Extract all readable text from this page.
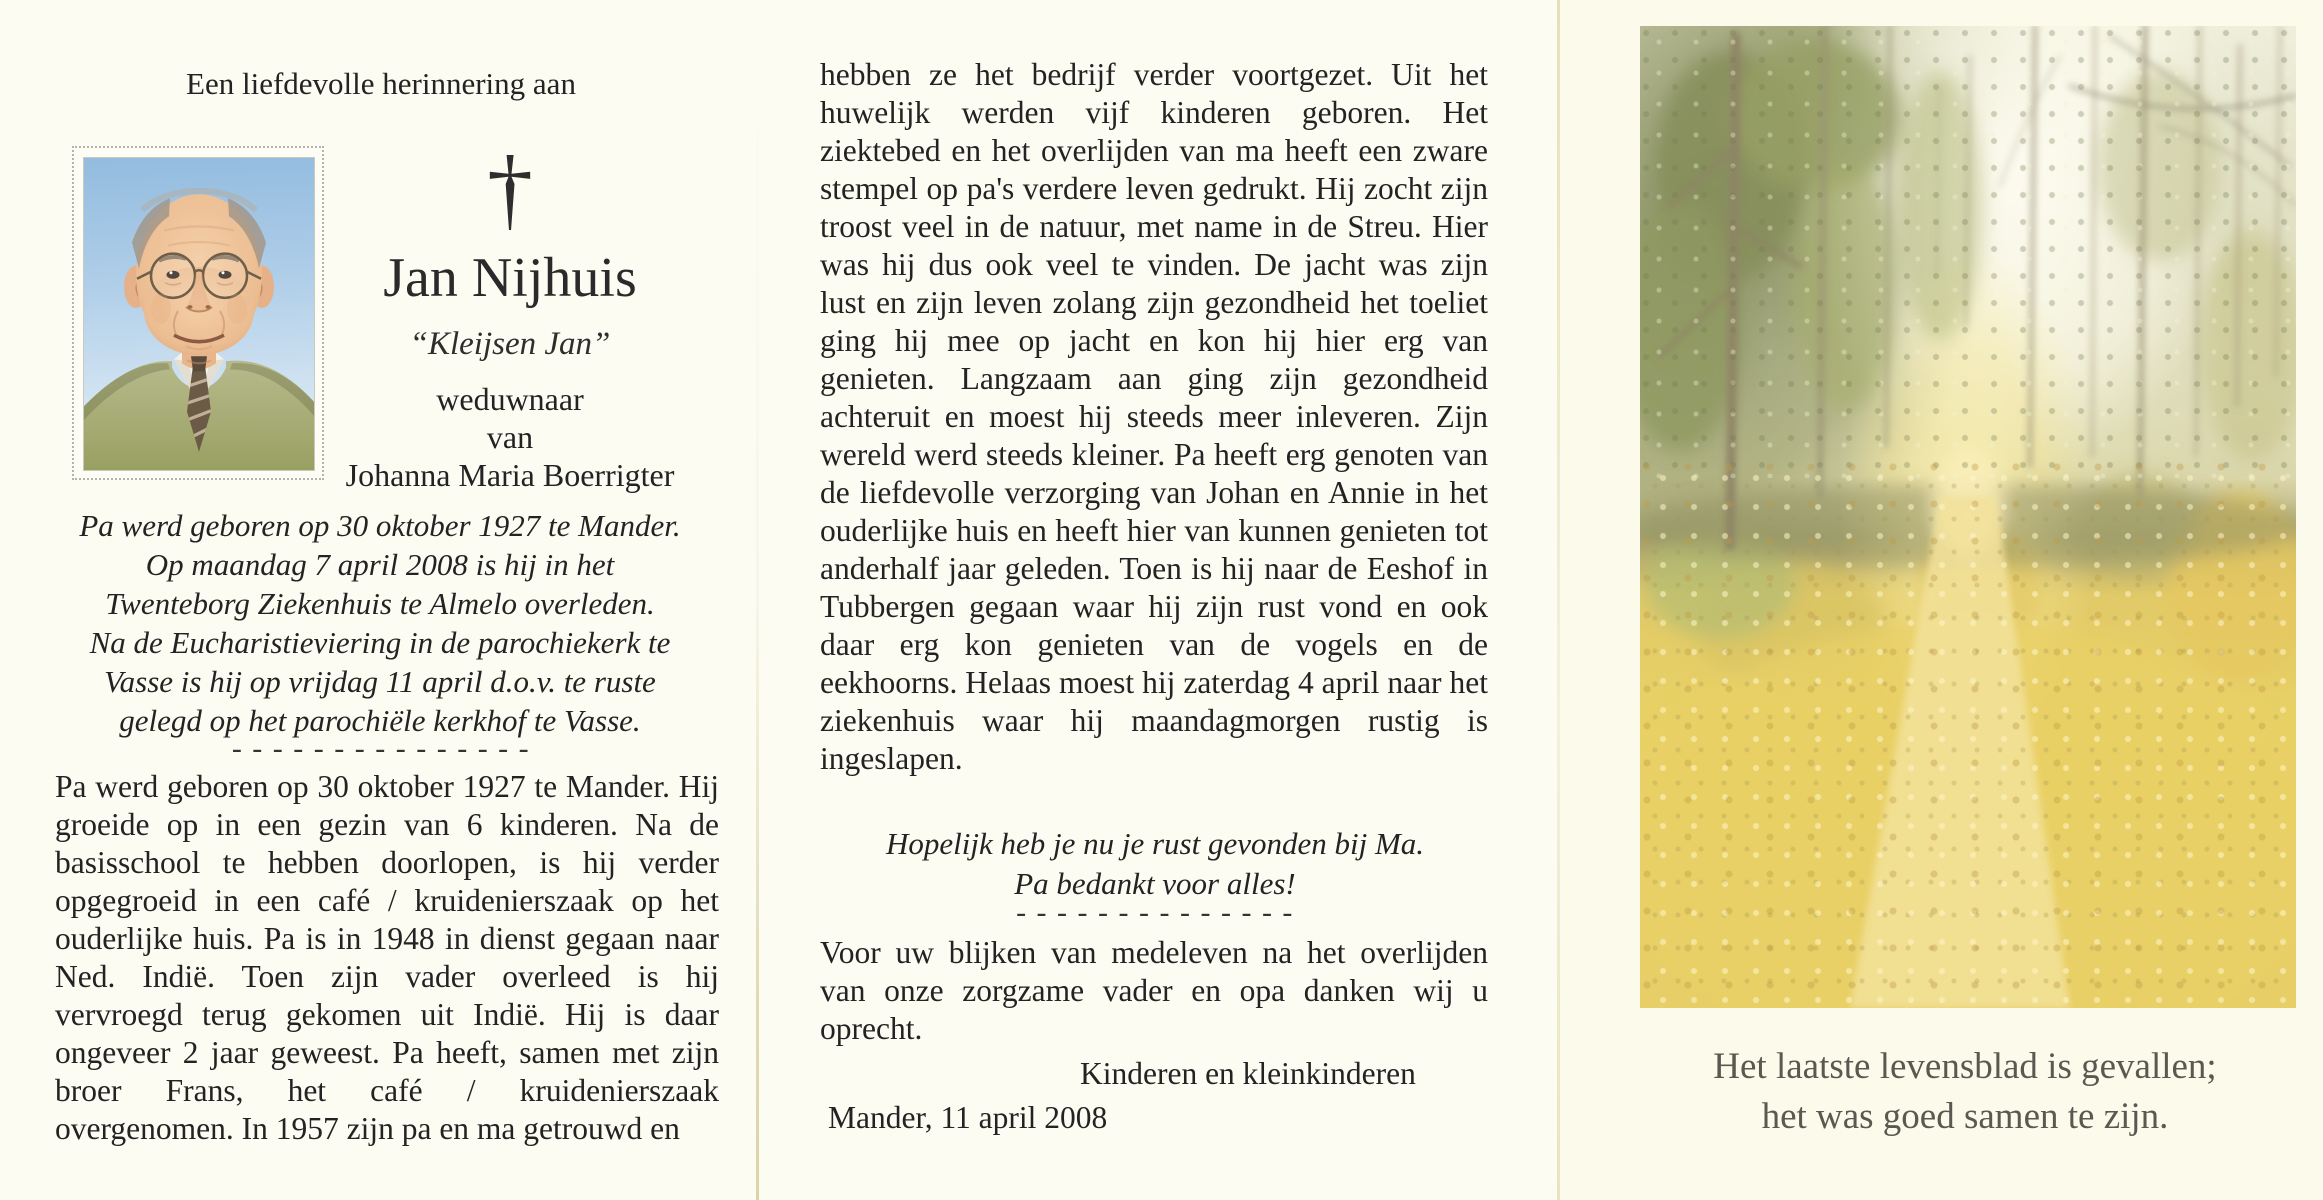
Een liefdevolle herinnering aan
†
Jan Nijhuis
“Kleijsen Jan”
weduwnaar
van
Johanna Maria Boerrigter
Pa werd geboren op 30 oktober 1927 te Mander.
Op maandag 7 april 2008 is hij in het
Twenteborg Ziekenhuis te Almelo overleden.
Na de Eucharistieviering in de parochiekerk te
Vasse is hij op vrijdag 11 april d.o.v. te ruste
gelegd op het parochiële kerkhof te Vasse.
- - - - - - - - - - - - - - -
Pa werd geboren op 30 oktober 1927 te Mander. Hij groeide op in een gezin van 6 kinderen. Na de basisschool te hebben doorlopen, is hij verder opgegroeid in een café / kruidenierszaak op het ouderlijke huis. Pa is in 1948 in dienst gegaan naar Ned. Indië. Toen zijn vader overleed is hij vervroegd terug gekomen uit Indië. Hij is daar ongeveer 2 jaar geweest. Pa heeft, samen met zijn broer Frans, het café / kruidenierszaak overgenomen. In 1957 zijn pa en ma getrouwd en
hebben ze het bedrijf verder voortgezet. Uit het huwelijk werden vijf kinderen geboren. Het ziektebed en het overlijden van ma heeft een zware stempel op pa's verdere leven gedrukt. Hij zocht zijn troost veel in de natuur, met name in de Streu. Hier was hij dus ook veel te vinden. De jacht was zijn lust en zijn leven zolang zijn gezondheid het toeliet ging hij mee op jacht en kon hij hier erg van genieten. Langzaam aan ging zijn gezondheid achteruit en moest hij steeds meer inleveren. Zijn wereld werd steeds kleiner. Pa heeft erg genoten van de liefdevolle verzorging van Johan en Annie in het ouderlijke huis en heeft hier van kunnen genieten tot anderhalf jaar geleden. Toen is hij naar de Eeshof in Tubbergen gegaan waar hij zijn rust vond en ook daar erg kon genieten van de vogels en de eekhoorns. Helaas moest hij zaterdag 4 april naar het ziekenhuis waar hij maandagmorgen rustig is ingeslapen.
Hopelijk heb je nu je rust gevonden bij Ma.
Pa bedankt voor alles!
- - - - - - - - - - - - - -
Voor uw blijken van medeleven na het overlijden van onze zorgzame vader en opa danken wij u oprecht.
Kinderen en kleinkinderen
Mander, 11 april 2008
Het laatste levensblad is gevallen;
het was goed samen te zijn.
